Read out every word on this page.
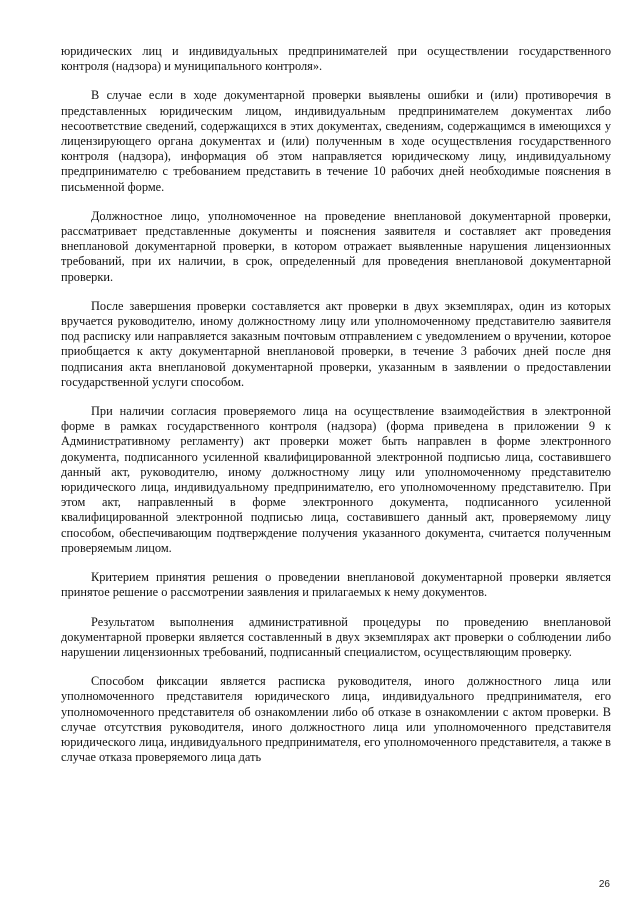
юридических лиц и индивидуальных предпринимателей при осуществлении государственного контроля (надзора) и муниципального контроля».

В случае если в ходе документарной проверки выявлены ошибки и (или) противоречия в представленных юридическим лицом, индивидуальным предпринимателем документах либо несоответствие сведений, содержащихся в этих документах, сведениям, содержащимся в имеющихся у лицензирующего органа документах и (или) полученным в ходе осуществления государственного контроля (надзора), информация об этом направляется юридическому лицу, индивидуальному предпринимателю с требованием представить в течение 10 рабочих дней необходимые пояснения в письменной форме.

Должностное лицо, уполномоченное на проведение внеплановой документарной проверки, рассматривает представленные документы и пояснения заявителя и составляет акт проведения внеплановой документарной проверки, в котором отражает выявленные нарушения лицензионных требований, при их наличии, в срок, определенный для проведения внеплановой документарной проверки.

После завершения проверки составляется акт проверки в двух экземплярах, один из которых вручается руководителю, иному должностному лицу или уполномоченному представителю заявителя под расписку или направляется заказным почтовым отправлением с уведомлением о вручении, которое приобщается к акту документарной внеплановой проверки, в течение 3 рабочих дней после дня подписания акта внеплановой документарной проверки, указанным в заявлении о предоставлении государственной услуги способом.

При наличии согласия проверяемого лица на осуществление взаимодействия в электронной форме в рамках государственного контроля (надзора) (форма приведена в приложении 9 к Административному регламенту) акт проверки может быть направлен в форме электронного документа, подписанного усиленной квалифицированной электронной подписью лица, составившего данный акт, руководителю, иному должностному лицу или уполномоченному представителю юридического лица, индивидуальному предпринимателю, его уполномоченному представителю. При этом акт, направленный в форме электронного документа, подписанного усиленной квалифицированной электронной подписью лица, составившего данный акт, проверяемому лицу способом, обеспечивающим подтверждение получения указанного документа, считается полученным проверяемым лицом.

Критерием принятия решения о проведении внеплановой документарной проверки является принятое решение о рассмотрении заявления и прилагаемых к нему документов.

Результатом выполнения административной процедуры по проведению внеплановой документарной проверки является составленный в двух экземплярах акт проверки о соблюдении либо нарушении лицензионных требований, подписанный специалистом, осуществляющим проверку.

Способом фиксации является расписка руководителя, иного должностного лица или уполномоченного представителя юридического лица, индивидуального предпринимателя, его уполномоченного представителя об ознакомлении либо об отказе в ознакомлении с актом проверки. В случае отсутствия руководителя, иного должностного лица или уполномоченного представителя юридического лица, индивидуального предпринимателя, его уполномоченного представителя, а также в случае отказа проверяемого лица дать

26
